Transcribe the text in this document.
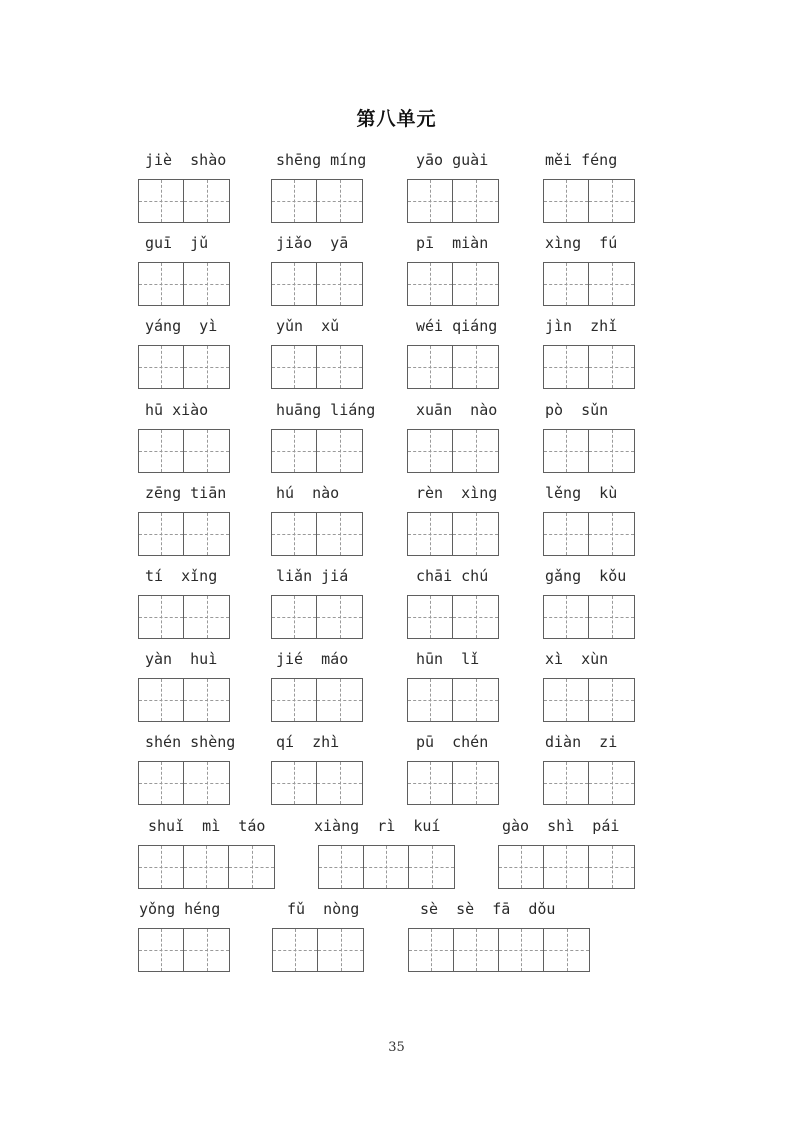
第八单元
jiè  shào	shēng míng	yāo guài	měi féng
guī  jǔ	jiǎo  yā	pī  miàn	xìng  fú
yáng  yì	yǔn  xǔ	wéi qiáng	jìn  zhǐ
hū xiào	huāng liáng	xuān  nào	pò  sǔn
zēng tiān	hú  nào	rèn  xìng	lěng  kù
tí  xǐng	liǎn jiá	chāi chú	gǎng  kǒu
yàn  huì	jié  máo	hūn  lǐ	xì  xùn
shén shèng	qí  zhì	pū  chén	diàn  zi
shuǐ  mì  táo	xiàng  rì  kuí	gào  shì  pái
yǒng héng	fǔ  nòng	sè  sè  fā  dǒu
35
